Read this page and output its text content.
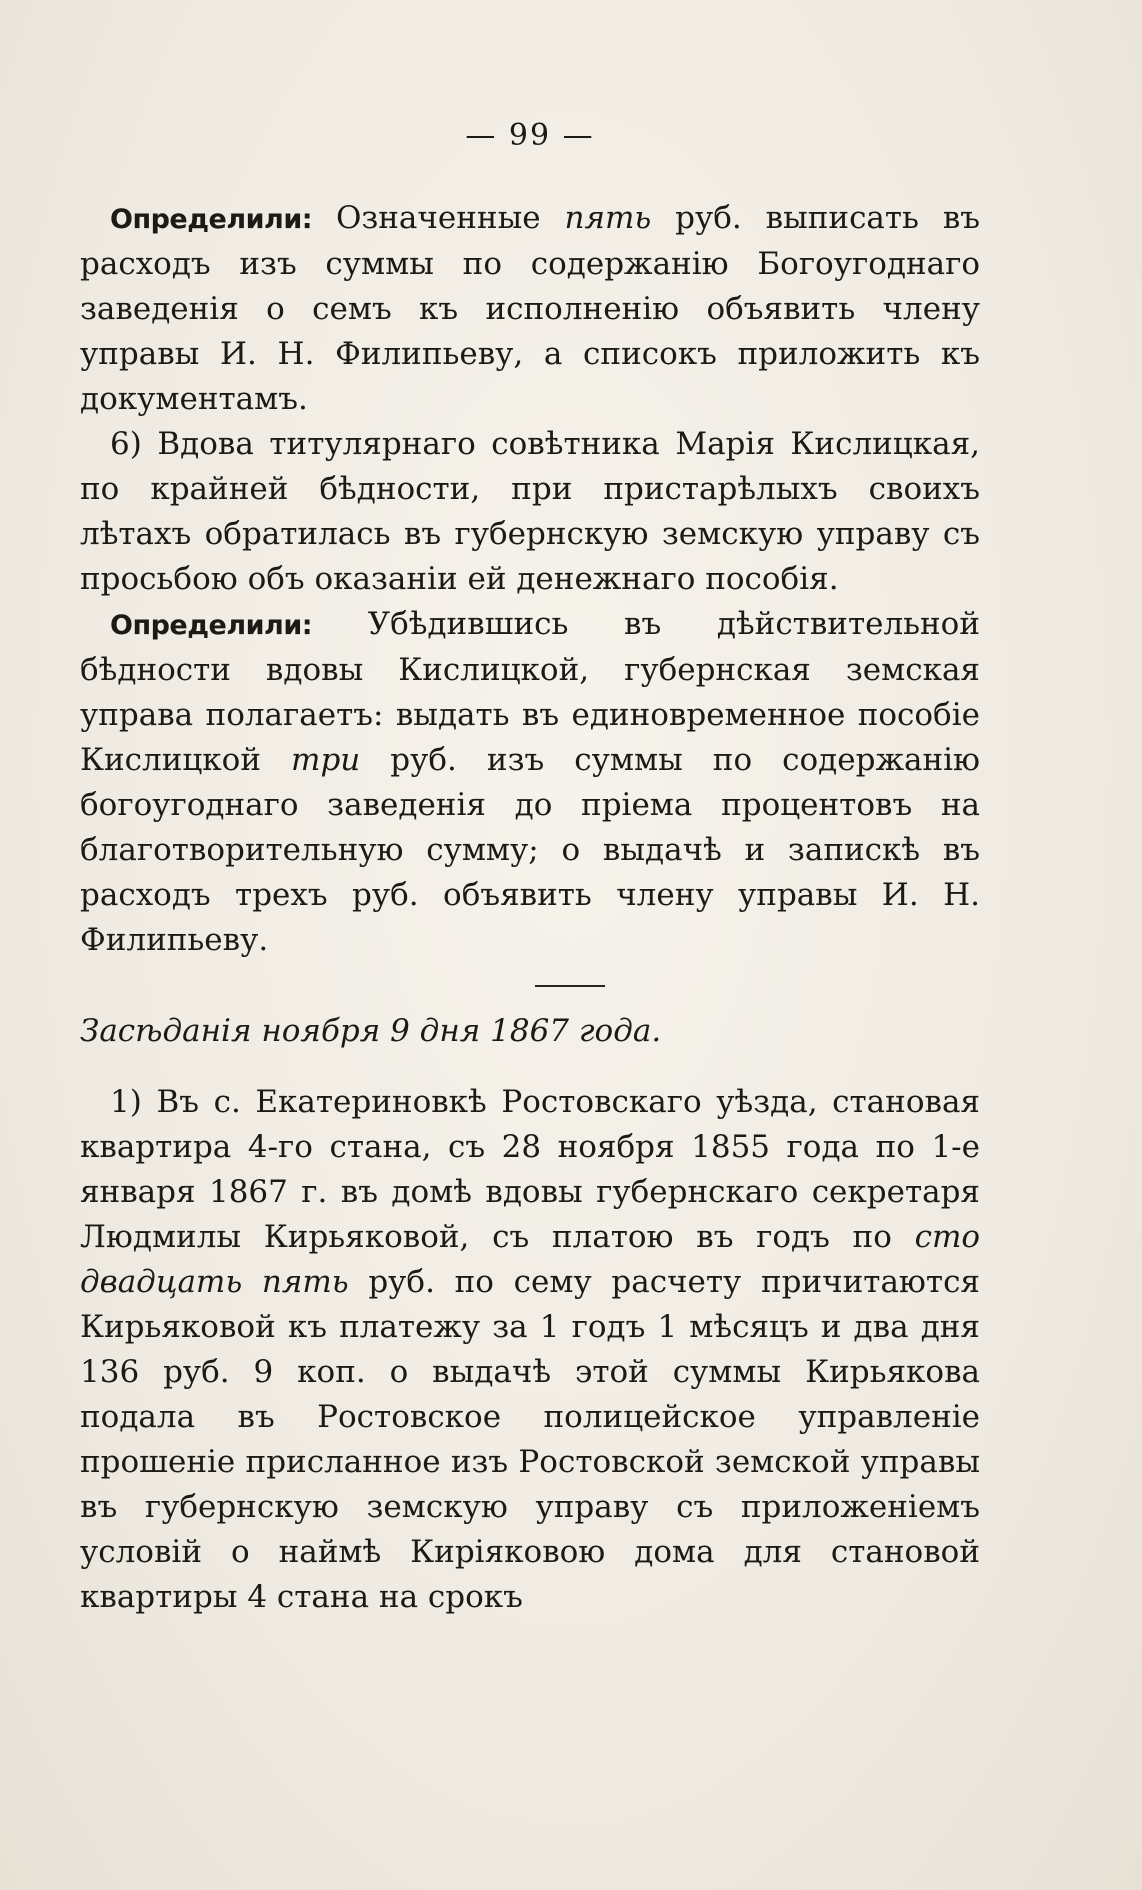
— 99 —

Определили: Означенные пять руб. выписать въ расходъ изъ суммы по содержанію Богоугоднаго заведенія о семъ къ исполненію объявить члену управы И. Н. Филипьеву, а списокъ приложить къ документамъ.

6) Вдова титулярнаго совѣтника Марія Кислицкая, по крайней бѣдности, при пристарѣлыхъ своихъ лѣтахъ обратилась въ губернскую земскую управу съ просьбою объ оказаніи ей денежнаго пособія.

Определили: Убѣдившись въ дѣйствительной бѣдности вдовы Кислицкой, губернская земская управа полагаетъ: выдать въ единовременное пособіе Кислицкой три руб. изъ суммы по содержанію богоугоднаго заведенія до пріема процентовъ на благотворительную сумму; о выдачѣ и запискѣ въ расходъ трехъ руб. объявить члену управы И. Н. Филипьеву.

Засѣданія ноября 9 дня 1867 года.

1) Въ с. Екатериновкѣ Ростовскаго уѣзда, становая квартира 4-го стана, съ 28 ноября 1855 года по 1-е января 1867 г. въ домѣ вдовы губернскаго секретаря Людмилы Кирьяковой, съ платою въ годъ по сто двадцать пять руб. по сему расчету причитаются Кирьяковой къ платежу за 1 годъ 1 мѣсяцъ и два дня 136 руб. 9 коп. о выдачѣ этой суммы Кирьякова подала въ Ростовское полицейское управленіе прошеніе присланное изъ Ростовской земской управы въ губернскую земскую управу съ приложеніемъ условій о наймѣ Киріяковою дома для становой квартиры 4 стана на срокъ
